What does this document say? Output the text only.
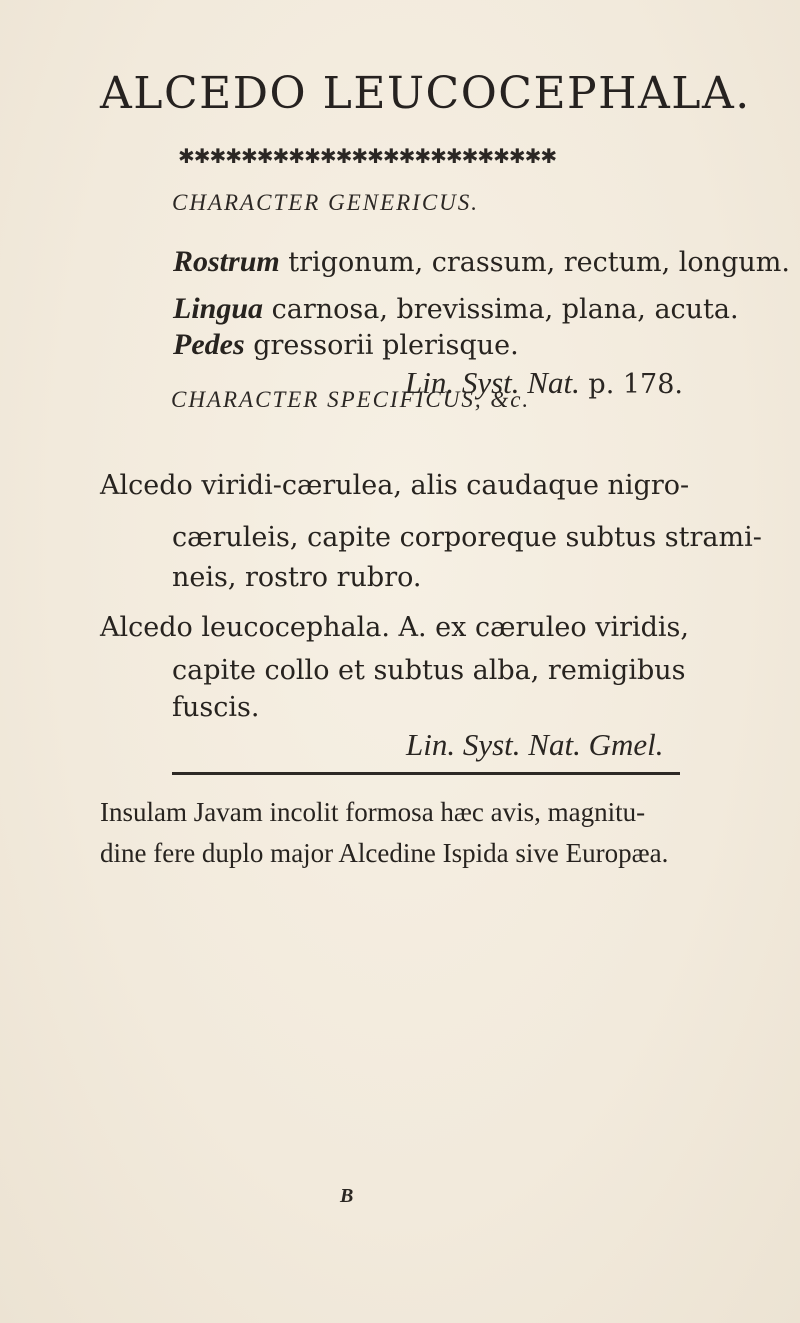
ALCEDO LEUCOCEPHALA.
✱✱✱✱✱✱✱✱✱✱✱✱✱✱✱✱✱✱✱✱✱✱✱✱
CHARACTER GENERICUS.
Rostrum trigonum, crassum, rectum, longum.
Lingua carnosa, brevissima, plana, acuta.
Pedes gressorii plerisque.
Lin. Syst. Nat. p. 178.
CHARACTER SPECIFICUS, &c.
Alcedo viridi-cærulea, alis caudaque nigro-
cæruleis, capite corporeque subtus strami-
neis, rostro rubro.
Alcedo leucocephala. A. ex cæruleo viridis,
capite collo et subtus alba, remigibus
fuscis.
Lin. Syst. Nat. Gmel.
Insulam Javam incolit formosa hæc avis, magnitu-
dine fere duplo major Alcedine Ispida sive Europæa.
B
